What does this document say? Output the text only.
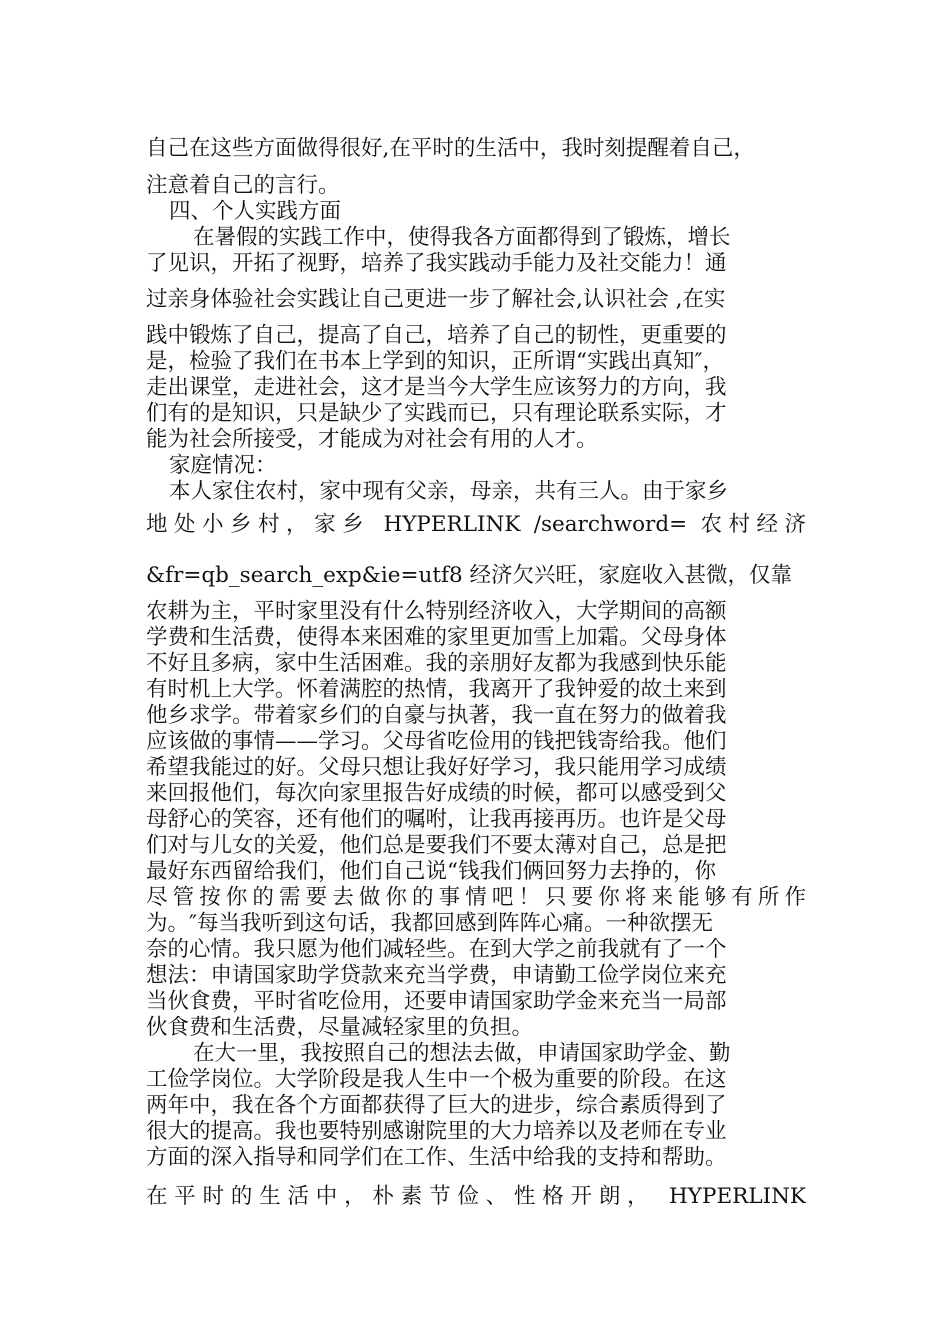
自己在这些方面做得很好,在平时的生活中，我时刻提醒着自己，
注意着自己的言行。
四、个人实践方面
在暑假的实践工作中，使得我各方面都得到了锻炼，增长
了见识，开拓了视野，培养了我实践动手能力及社交能力！通
过亲身体验社会实践让自己更进一步了解社会,认识社会 ,在实
践中锻炼了自己，提高了自己，培养了自己的韧性，更重要的
是，检验了我们在书本上学到的知识，正所谓“实践出真知″，
走出课堂，走进社会，这才是当今大学生应该努力的方向，我
们有的是知识，只是缺少了实践而已，只有理论联系实际，才
能为社会所接受，才能成为对社会有用的人才。
家庭情况：
本人家住农村，家中现有父亲，母亲，共有三人。由于家乡
地处小乡村，家乡 HYPERLINK /searchword= 农村经济
&fr=qb_search_exp&ie=utf8 经济欠兴旺，家庭收入甚微，仅靠
农耕为主，平时家里没有什么特别经济收入，大学期间的高额
学费和生活费，使得本来困难的家里更加雪上加霜。父母身体
不好且多病，家中生活困难。我的亲朋好友都为我感到快乐能
有时机上大学。怀着满腔的热情，我离开了我钟爱的故土来到
他乡求学。带着家乡们的自豪与执著，我一直在努力的做着我
应该做的事情——学习。父母省吃俭用的钱把钱寄给我。他们
希望我能过的好。父母只想让我好好学习，我只能用学习成绩
来回报他们，每次向家里报告好成绩的时候，都可以感受到父
母舒心的笑容，还有他们的嘱咐，让我再接再历。也许是父母
们对与儿女的关爱，他们总是要我们不要太薄对自己，总是把
最好东西留给我们，他们自己说“钱我们俩回努力去挣的，你
尽管按你的需要去做你的事情吧！只要你将来能够有所作
为。″每当我听到这句话，我都回感到阵阵心痛。一种欲摆无
奈的心情。我只愿为他们减轻些。在到大学之前我就有了一个
想法：申请国家助学贷款来充当学费，申请勤工俭学岗位来充
当伙食费，平时省吃俭用，还要申请国家助学金来充当一局部
伙食费和生活费，尽量减轻家里的负担。
在大一里，我按照自己的想法去做，申请国家助学金、勤
工俭学岗位。大学阶段是我人生中一个极为重要的阶段。在这
两年中，我在各个方面都获得了巨大的进步，综合素质得到了
很大的提高。我也要特别感谢院里的大力培养以及老师在专业
方面的深入指导和同学们在工作、生活中给我的支持和帮助。
在平时的生活中，朴素节俭、性格开朗， HYPERLINK
